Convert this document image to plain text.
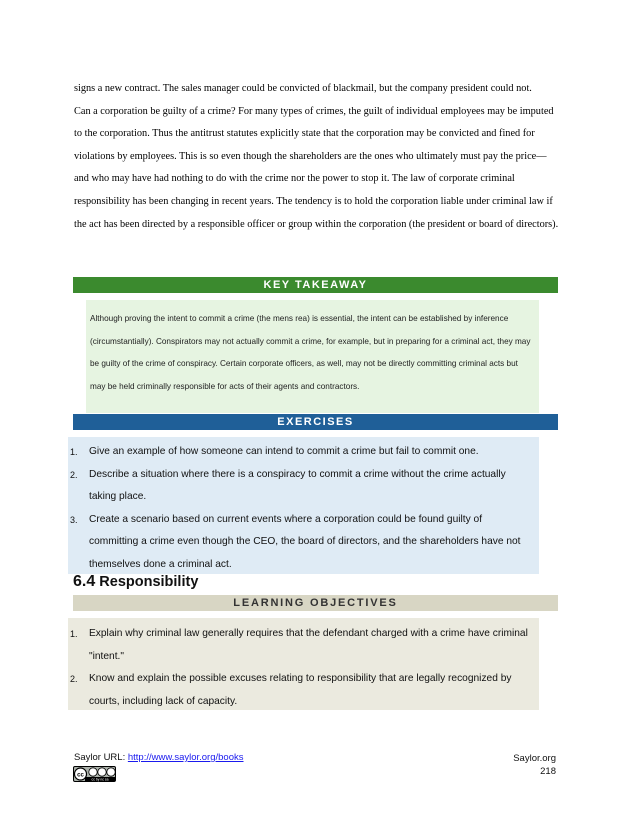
signs a new contract. The sales manager could be convicted of blackmail, but the company president could not.

Can a corporation be guilty of a crime? For many types of crimes, the guilt of individual employees may be imputed to the corporation. Thus the antitrust statutes explicitly state that the corporation may be convicted and fined for violations by employees. This is so even though the shareholders are the ones who ultimately must pay the price—and who may have had nothing to do with the crime nor the power to stop it. The law of corporate criminal responsibility has been changing in recent years. The tendency is to hold the corporation liable under criminal law if the act has been directed by a responsible officer or group within the corporation (the president or board of directors).

KEY TAKEAWAY
Although proving the intent to commit a crime (the mens rea) is essential, the intent can be established by inference (circumstantially). Conspirators may not actually commit a crime, for example, but in preparing for a criminal act, they may be guilty of the crime of conspiracy. Certain corporate officers, as well, may not be directly committing criminal acts but may be held criminally responsible for acts of their agents and contractors.
EXERCISES
1. Give an example of how someone can intend to commit a crime but fail to commit one.
2. Describe a situation where there is a conspiracy to commit a crime without the crime actually taking place.
3. Create a scenario based on current events where a corporation could be found guilty of committing a crime even though the CEO, the board of directors, and the shareholders have not themselves done a criminal act.
6.4 Responsibility
LEARNING OBJECTIVES
1. Explain why criminal law generally requires that the defendant charged with a crime have criminal "intent."
2. Know and explain the possible excuses relating to responsibility that are legally recognized by courts, including lack of capacity.
Saylor URL: http://www.saylor.org/books
cc
cc by nc sa
Saylor.org
218
